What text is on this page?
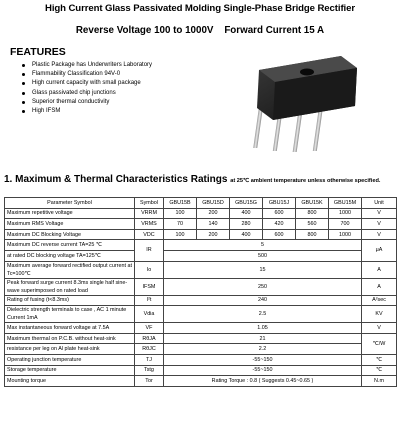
High Current Glass Passivated Molding Single-Phase Bridge Rectifier
Reverse Voltage 100 to 1000V    Forward Current 15 A
FEATURES
Plastic Package has Underwriters Laboratory
Flammability Classification 94V-0
High current capacity with small package
Glass passivated chip junctions
Superior thermal conductivity
High IFSM
1. Maximum & Thermal Characteristics Ratings at 25℃ ambient temperature unless otherwise specified.
Parameter Symbol	Symbol	GBU15B	GBU15D	GBU15G	GBU15J	GBU15K	GBU15M	Unit
Maximum repetitive voltage	VRRM	100	200	400	600	800	1000	V
Maximum RMS Voltage	VRMS	70	140	280	420	560	700	V
Maximum DC Blocking Voltage	VDC	100	200	400	600	800	1000	V
Maximum DC reverse current TA=25 ℃	IR	5						μA
at rated DC blocking voltage TA=125℃		500						
Maximum average forward rectified output current at Tc=100℃	Io	15						A
Peak forward surge current 8.3ms single half sine-wave superimposed on rated load	IFSM	250						A
Rating of fusing (t<8.3ms)	I²t	240						A²sec
Dielectric strength terminals to case , AC 1 minute Current 1mA	Vdia	2.5						KV
Max instantaneous forward voltage at 7.5A	VF	1.05						V
Maximum thermal on P.C.B. without heat-sink	RθJA	21						℃/W
resistance per leg on Al plate heat-sink	RθJC	2.2						
Operating junction temperature	TJ	-55~150						℃
Storage temperature	Tstg	-55~150						℃
Mounting torque	Tor	Rating Torque : 0.8 ( Suggests 0.45~0.65 )						N.m
